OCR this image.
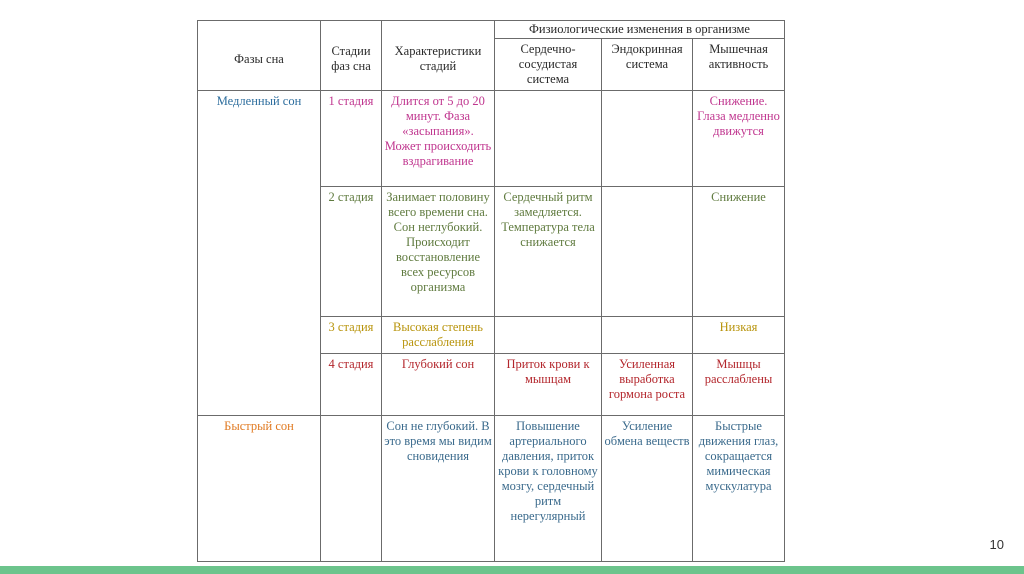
Фазы сна	Стадии фаз сна	Характеристики стадий	Физиологические изменения в организме		
			Сердечно-сосудистая система	Эндокринная система	Мышечная активность
Медленный сон	1 стадия	Длится от 5 до 20 минут. Фаза «засыпания». Может происходить вздрагивание			Снижение. Глаза медленно движутся
	2 стадия	Занимает половину всего времени сна. Сон неглубокий. Происходит восстановление всех ресурсов организма	Сердечный ритм замедляется. Температура тела снижается		Снижение
	3 стадия	Высокая степень расслабления			Низкая
	4 стадия	Глубокий сон	Приток крови к мышцам	Усиленная выработка гормона роста	Мышцы расслаблены
Быстрый сон		Сон не глубокий. В это время мы видим сновидения	Повышение артериального давления, приток крови к головному мозгу, сердечный ритм нерегулярный	Усиление обмена веществ	Быстрые движения глаз, сокращается мимическая мускулатура
10
